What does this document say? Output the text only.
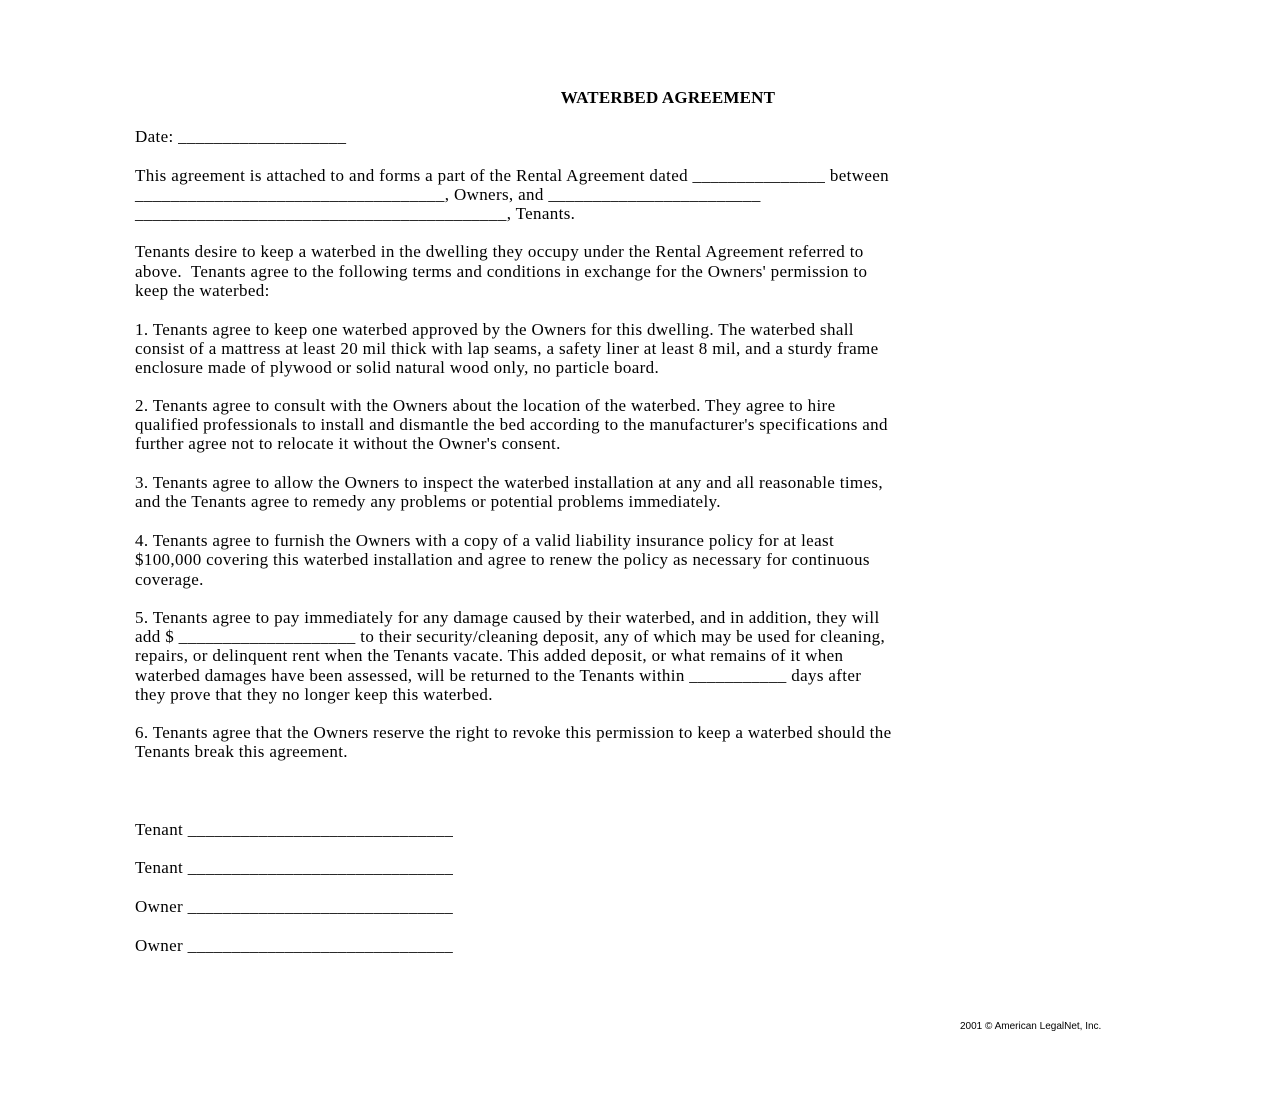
WATERBED AGREEMENT
Date: ___________________
This agreement is attached to and forms a part of the Rental Agreement dated _______________ between
___________________________________, Owners, and ________________________
__________________________________________, Tenants.
Tenants desire to keep a waterbed in the dwelling they occupy under the Rental Agreement referred to
above.  Tenants agree to the following terms and conditions in exchange for the Owners' permission to
keep the waterbed:
1. Tenants agree to keep one waterbed approved by the Owners for this dwelling. The waterbed shall
consist of a mattress at least 20 mil thick with lap seams, a safety liner at least 8 mil, and a sturdy frame
enclosure made of plywood or solid natural wood only, no particle board.
2. Tenants agree to consult with the Owners about the location of the waterbed. They agree to hire
qualified professionals to install and dismantle the bed according to the manufacturer's specifications and
further agree not to relocate it without the Owner's consent.
3. Tenants agree to allow the Owners to inspect the waterbed installation at any and all reasonable times,
and the Tenants agree to remedy any problems or potential problems immediately.
4. Tenants agree to furnish the Owners with a copy of a valid liability insurance policy for at least
$100,000 covering this waterbed installation and agree to renew the policy as necessary for continuous
coverage.
5. Tenants agree to pay immediately for any damage caused by their waterbed, and in addition, they will
add $ ____________________ to their security/cleaning deposit, any of which may be used for cleaning,
repairs, or delinquent rent when the Tenants vacate. This added deposit, or what remains of it when
waterbed damages have been assessed, will be returned to the Tenants within ___________ days after
they prove that they no longer keep this waterbed.
6. Tenants agree that the Owners reserve the right to revoke this permission to keep a waterbed should the
Tenants break this agreement.
Tenant ______________________________
Tenant ______________________________
Owner ______________________________
Owner ______________________________
2001 © American LegalNet, Inc.
